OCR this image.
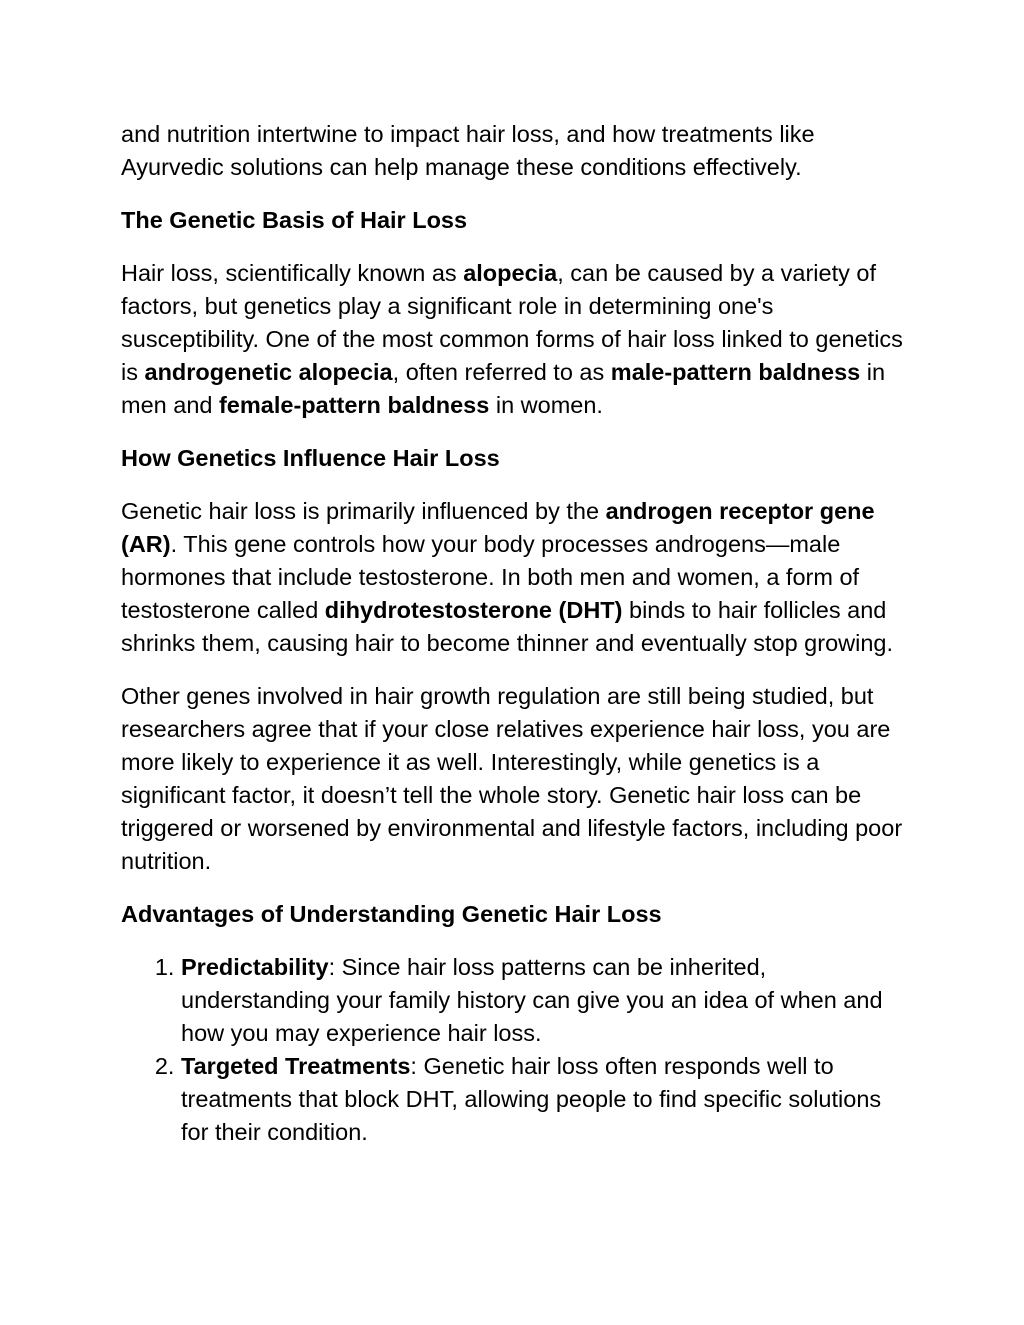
and nutrition intertwine to impact hair loss, and how treatments like Ayurvedic solutions can help manage these conditions effectively.

The Genetic Basis of Hair Loss

Hair loss, scientifically known as alopecia, can be caused by a variety of factors, but genetics play a significant role in determining one's susceptibility. One of the most common forms of hair loss linked to genetics is androgenetic alopecia, often referred to as male-pattern baldness in men and female-pattern baldness in women.

How Genetics Influence Hair Loss

Genetic hair loss is primarily influenced by the androgen receptor gene (AR). This gene controls how your body processes androgens—male hormones that include testosterone. In both men and women, a form of testosterone called dihydrotestosterone (DHT) binds to hair follicles and shrinks them, causing hair to become thinner and eventually stop growing.

Other genes involved in hair growth regulation are still being studied, but researchers agree that if your close relatives experience hair loss, you are more likely to experience it as well. Interestingly, while genetics is a significant factor, it doesn’t tell the whole story. Genetic hair loss can be triggered or worsened by environmental and lifestyle factors, including poor nutrition.

Advantages of Understanding Genetic Hair Loss
1. Predictability: Since hair loss patterns can be inherited, understanding your family history can give you an idea of when and how you may experience hair loss.
2. Targeted Treatments: Genetic hair loss often responds well to treatments that block DHT, allowing people to find specific solutions for their condition.
